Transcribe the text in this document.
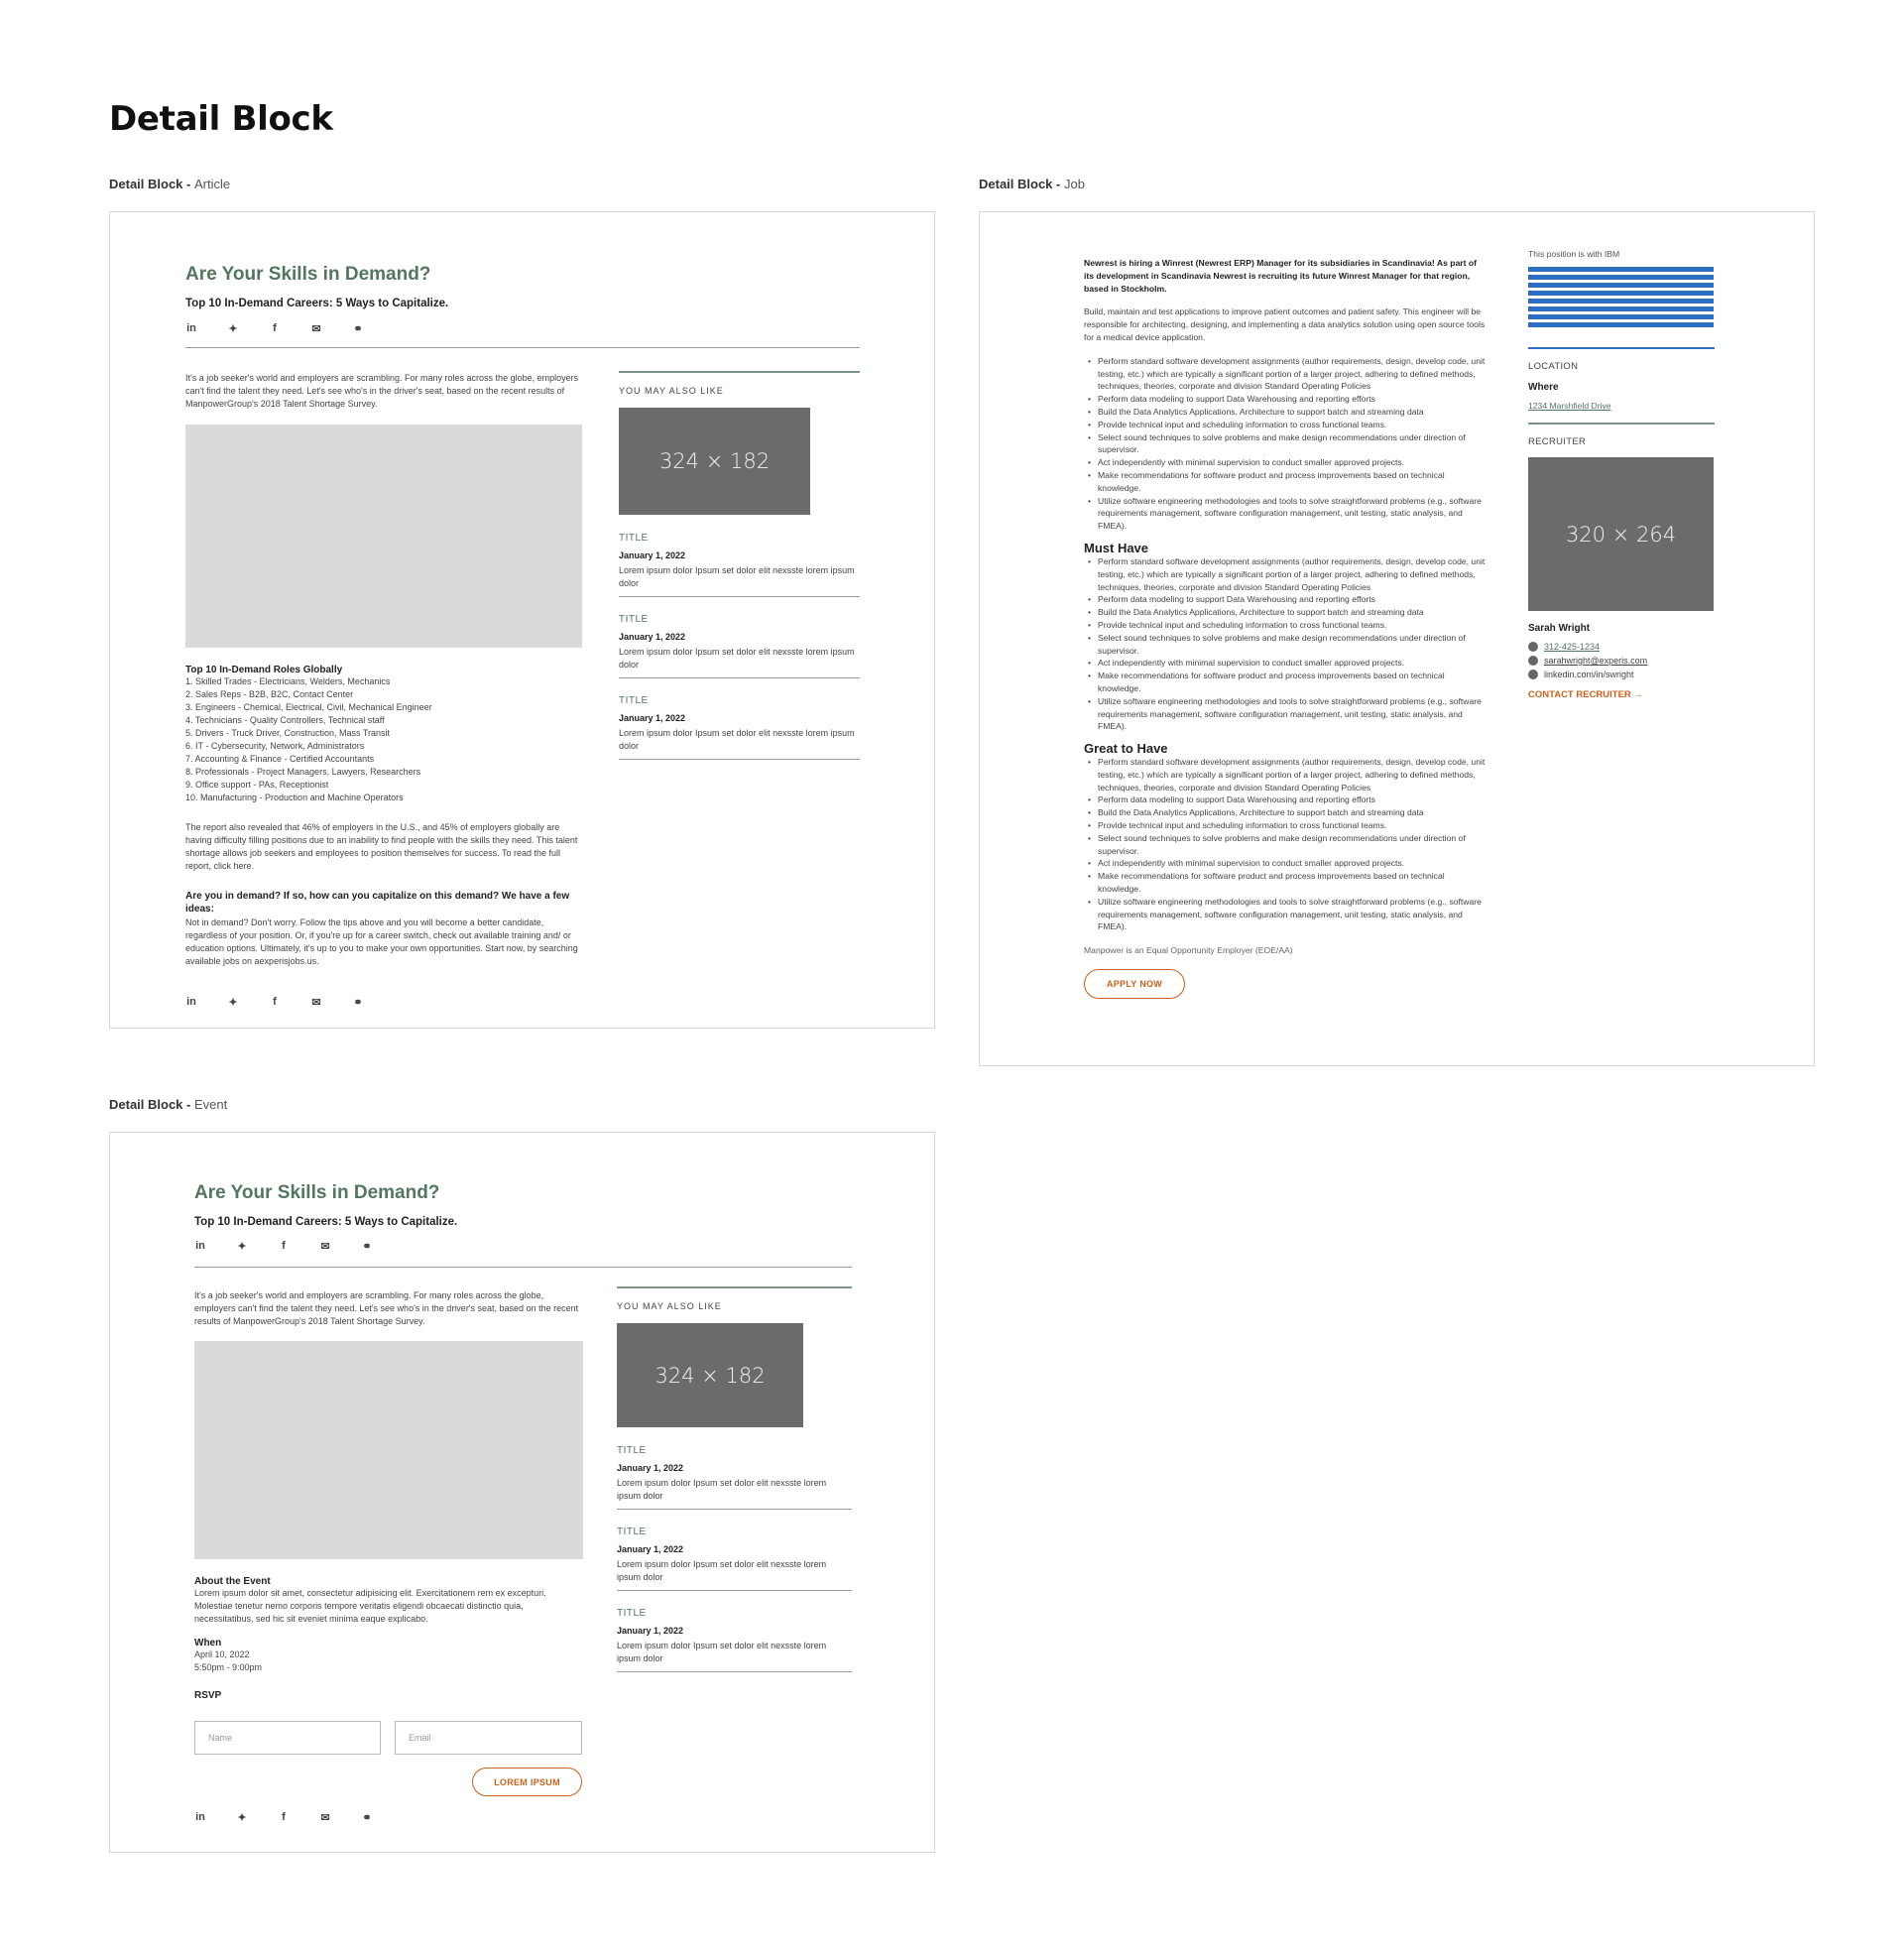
Detail Block
Detail Block - Article
Are Your Skills in Demand?
Top 10 In-Demand Careers: 5 Ways to Capitalize.
in	✦	f	✉	⚭
It's a job seeker's world and employers are scrambling. For many roles across the globe, employers can't find the talent they need. Let's see who's in the driver's seat, based on the recent results of ManpowerGroup's 2018 Talent Shortage Survey.
Top 10 In-Demand Roles Globally
1. Skilled Trades - Electricians, Welders, Mechanics
2. Sales Reps - B2B, B2C, Contact Center
3. Engineers - Chemical, Electrical, Civil, Mechanical Engineer
4. Technicians - Quality Controllers, Technical staff
5. Drivers - Truck Driver, Construction, Mass Transit
6. IT - Cybersecurity, Network, Administrators
7. Accounting & Finance - Certified Accountants
8. Professionals - Project Managers, Lawyers, Researchers
9. Office support - PAs, Receptionist
10. Manufacturing - Production and Machine Operators
The report also revealed that 46% of employers in the U.S., and 45% of employers globally are having difficulty filling positions due to an inability to find people with the skills they need. This talent shortage allows job seekers and employees to position themselves for success. To read the full report, click here.
Are you in demand? If so, how can you capitalize on this demand? We have a few ideas:
Not in demand? Don't worry. Follow the tips above and you will become a better candidate, regardless of your position. Or, if you're up for a career switch, check out available training and/ or education options. Ultimately, it's up to you to make your own opportunities. Start now, by searching available jobs on aexperisjobs.us.
in	✦	f	✉	⚭
YOU MAY ALSO LIKE
324 × 182
TITLE
January 1, 2022
Lorem ipsum dolor Ipsum set dolor elit nexsste lorem ipsum dolor
TITLE
January 1, 2022
Lorem ipsum dolor Ipsum set dolor elit nexsste lorem ipsum dolor
TITLE
January 1, 2022
Lorem ipsum dolor Ipsum set dolor elit nexsste lorem ipsum dolor
Detail Block - Job
Newrest is hiring a Winrest (Newrest ERP) Manager for its subsidiaries in Scandinavia! As part of its development in Scandinavia Newrest is recruiting its future Winrest Manager for that region, based in Stockholm.
Build, maintain and test applications to improve patient outcomes and patient safety. This engineer will be responsible for architecting, designing, and implementing a data analytics solution using open source tools for a medical device application.
• Perform standard software development assignments (author requirements, design, develop code, unit testing, etc.) which are typically a significant portion of a larger project, adhering to defined methods, techniques, theories, corporate and division Standard Operating Policies
• Perform data modeling to support Data Warehousing and reporting efforts
• Build the Data Analytics Applications, Architecture to support batch and streaming data
• Provide technical input and scheduling information to cross functional teams.
• Select sound techniques to solve problems and make design recommendations under direction of supervisor.
• Act independently with minimal supervision to conduct smaller approved projects.
• Make recommendations for software product and process improvements based on technical knowledge.
• Utilize software engineering methodologies and tools to solve straightforward problems (e.g., software requirements management, software configuration management, unit testing, static analysis, and FMEA).
Must Have
• Perform standard software development assignments (author requirements, design, develop code, unit testing, etc.) which are typically a significant portion of a larger project, adhering to defined methods, techniques, theories, corporate and division Standard Operating Policies
• Perform data modeling to support Data Warehousing and reporting efforts
• Build the Data Analytics Applications, Architecture to support batch and streaming data
• Provide technical input and scheduling information to cross functional teams.
• Select sound techniques to solve problems and make design recommendations under direction of supervisor.
• Act independently with minimal supervision to conduct smaller approved projects.
• Make recommendations for software product and process improvements based on technical knowledge.
• Utilize software engineering methodologies and tools to solve straightforward problems (e.g., software requirements management, software configuration management, unit testing, static analysis, and FMEA).
Great to Have
• Perform standard software development assignments (author requirements, design, develop code, unit testing, etc.) which are typically a significant portion of a larger project, adhering to defined methods, techniques, theories, corporate and division Standard Operating Policies
• Perform data modeling to support Data Warehousing and reporting efforts
• Build the Data Analytics Applications, Architecture to support batch and streaming data
• Provide technical input and scheduling information to cross functional teams.
• Select sound techniques to solve problems and make design recommendations under direction of supervisor.
• Act independently with minimal supervision to conduct smaller approved projects.
• Make recommendations for software product and process improvements based on technical knowledge.
• Utilize software engineering methodologies and tools to solve straightforward problems (e.g., software requirements management, software configuration management, unit testing, static analysis, and FMEA).
Manpower is an Equal Opportunity Employer (EOE/AA)
APPLY NOW
This position is with IBM
LOCATION
Where
1234 Marshfield Drive
RECRUITER
320 × 264
Sarah Wright
312-425-1234
sarahwright@experis.com
linkedin.com/in/swright
CONTACT RECRUITER →
Detail Block - Event
Are Your Skills in Demand?
Top 10 In-Demand Careers: 5 Ways to Capitalize.
in	✦	f	✉	⚭
It's a job seeker's world and employers are scrambling. For many roles across the globe, employers can't find the talent they need. Let's see who's in the driver's seat, based on the recent results of ManpowerGroup's 2018 Talent Shortage Survey.
About the Event
Lorem ipsum dolor sit amet, consectetur adipisicing elit. Exercitationem rem ex excepturi. Molestiae tenetur nemo corporis tempore veritatis eligendi obcaecati distinctio quia, necessitatibus, sed hic sit eveniet minima eaque explicabo.
When
April 10, 2022
5:50pm - 9:00pm
RSVP
Name	Email
LOREM IPSUM
in	✦	f	✉	⚭
YOU MAY ALSO LIKE
324 × 182
TITLE
January 1, 2022
Lorem ipsum dolor Ipsum set dolor elit nexsste lorem ipsum dolor
TITLE
January 1, 2022
Lorem ipsum dolor Ipsum set dolor elit nexsste lorem ipsum dolor
TITLE
January 1, 2022
Lorem ipsum dolor Ipsum set dolor elit nexsste lorem ipsum dolor
